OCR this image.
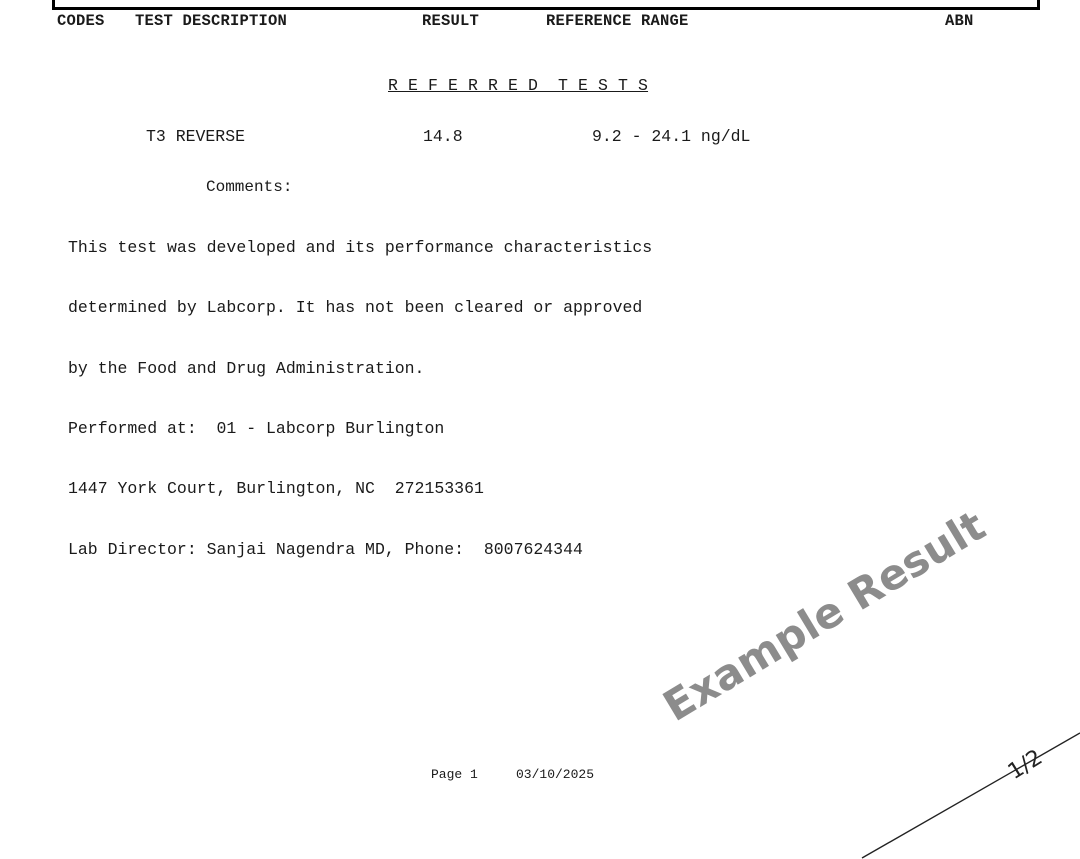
CODES TEST DESCRIPTION	RESULT	REFERENCE RANGE	ABN
R E F E R R E D  T E S T S
T3 REVERSE	14.8	9.2 - 24.1 ng/dL
Comments:

This test was developed and its performance characteristics

determined by Labcorp. It has not been cleared or approved

by the Food and Drug Administration.

Performed at:  01 - Labcorp Burlington

1447 York Court, Burlington, NC  272153361

Lab Director: Sanjai Nagendra MD, Phone:  8007624344

Page 1	03/10/2025
Example Result
1/2
